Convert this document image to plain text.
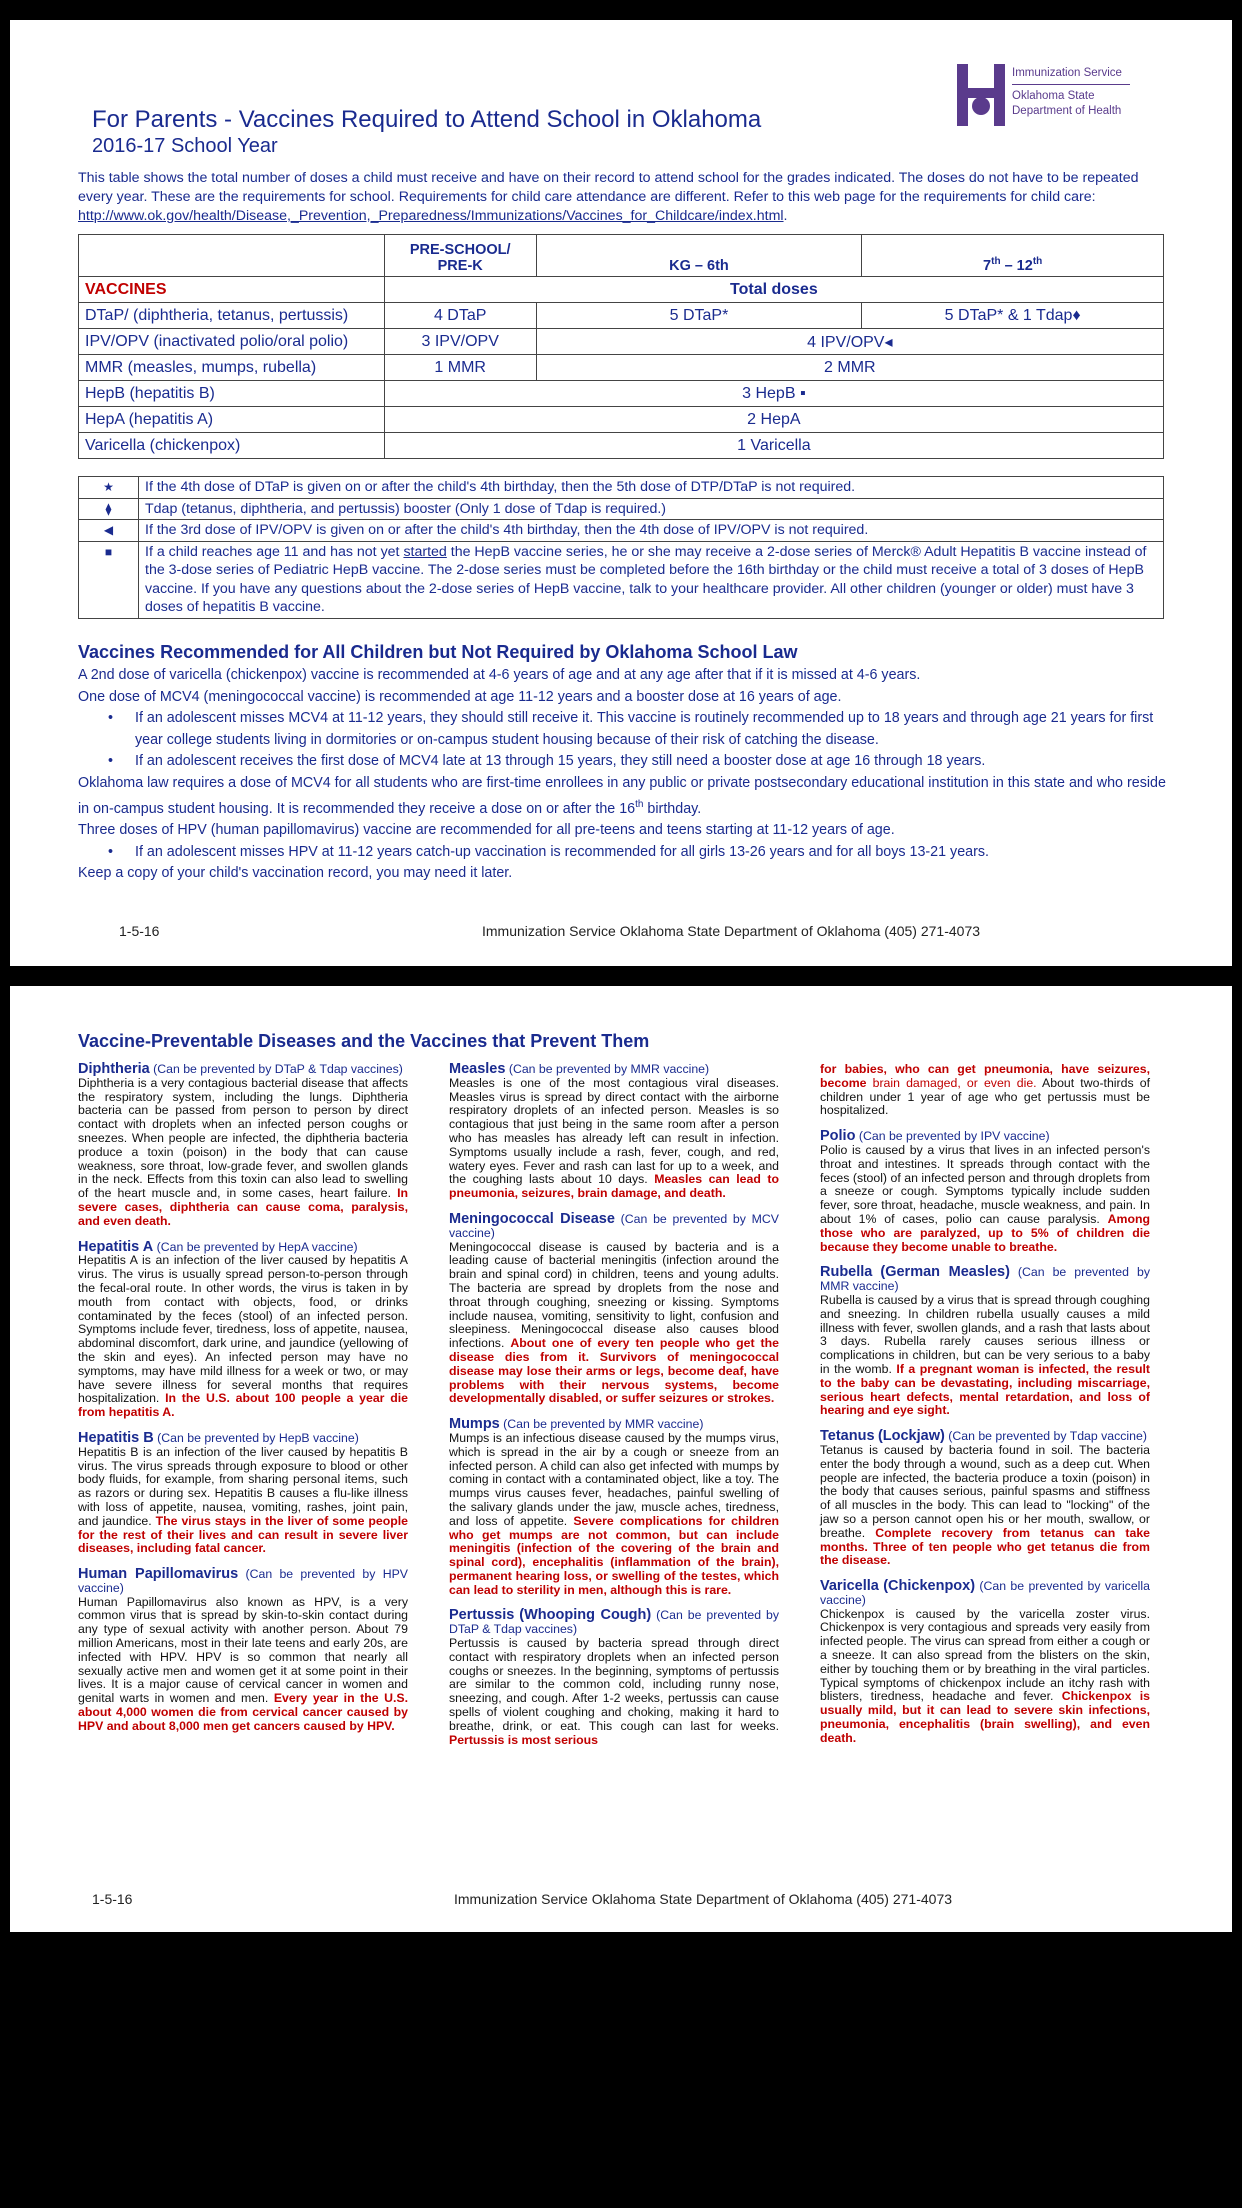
Immunization Service
Oklahoma State
Department of Health
For Parents - Vaccines Required to Attend School in Oklahoma
2016-17 School Year
This table shows the total number of doses a child must receive and have on their record to attend school for the grades indicated. The doses do not have to be repeated every year. These are the requirements for school. Requirements for child care attendance are different. Refer to this web page for the requirements for child care: http://www.ok.gov/health/Disease,_Prevention,_Preparedness/Immunizations/Vaccines_for_Childcare/index.html.

	PRE-SCHOOL/
PRE-K	KG – 6th	7th – 12th
VACCINES	Total doses		
DTaP/ (diphtheria, tetanus, pertussis)	4 DTaP	5 DTaP*	5 DTaP* & 1 Tdap♦
IPV/OPV (inactivated polio/oral polio)	3 IPV/OPV	4 IPV/OPV◂	
MMR (measles, mumps, rubella)	1 MMR	2 MMR	
HepB (hepatitis B)	3 HepB ▪		
HepA (hepatitis A)	2 HepA		
Varicella (chickenpox)	1 Varicella		
★	If the 4th dose of DTaP is given on or after the child's 4th birthday, then the 5th dose of DTP/DTaP is not required.
⧫	Tdap (tetanus, diphtheria, and pertussis) booster (Only 1 dose of Tdap is required.)
◀	If the 3rd dose of IPV/OPV is given on or after the child's 4th birthday, then the 4th dose of IPV/OPV is not required.
■	If a child reaches age 11 and has not yet started the HepB vaccine series, he or she may receive a 2-dose series of Merck® Adult Hepatitis B vaccine instead of the 3-dose series of Pediatric HepB vaccine. The 2-dose series must be completed before the 16th birthday or the child must receive a total of 3 doses of HepB vaccine. If you have any questions about the 2-dose series of HepB vaccine, talk to your healthcare provider. All other children (younger or older) must have 3 doses of hepatitis B vaccine.
Vaccines Recommended for All Children but Not Required by Oklahoma School Law
A 2nd dose of varicella (chickenpox) vaccine is recommended at 4-6 years of age and at any age after that if it is missed at 4-6 years.
One dose of MCV4 (meningococcal vaccine) is recommended at age 11-12 years and a booster dose at 16 years of age.
• If an adolescent misses MCV4 at 11-12 years, they should still receive it. This vaccine is routinely recommended up to 18 years and through age 21 years for first year college students living in dormitories or on-campus student housing because of their risk of catching the disease.
• If an adolescent receives the first dose of MCV4 late at 13 through 15 years, they still need a booster dose at age 16 through 18 years.
Oklahoma law requires a dose of MCV4 for all students who are first-time enrollees in any public or private postsecondary educational institution in this state and who reside in on-campus student housing. It is recommended they receive a dose on or after the 16th birthday.
Three doses of HPV (human papillomavirus) vaccine are recommended for all pre-teens and teens starting at 11-12 years of age.
• If an adolescent misses HPV at 11-12 years catch-up vaccination is recommended for all girls 13-26 years and for all boys 13-21 years.
Keep a copy of your child's vaccination record, you may need it later.
1-5-16	Immunization Service Oklahoma State Department of Oklahoma (405) 271-4073
Vaccine-Preventable Diseases and the Vaccines that Prevent Them
Diphtheria (Can be prevented by DTaP & Tdap vaccines)
Diphtheria is a very contagious bacterial disease that affects the respiratory system, including the lungs. Diphtheria bacteria can be passed from person to person by direct contact with droplets when an infected person coughs or sneezes. When people are infected, the diphtheria bacteria produce a toxin (poison) in the body that can cause weakness, sore throat, low-grade fever, and swollen glands in the neck. Effects from this toxin can also lead to swelling of the heart muscle and, in some cases, heart failure. In severe cases, diphtheria can cause coma, paralysis, and even death.
Hepatitis A (Can be prevented by HepA vaccine)
Hepatitis A is an infection of the liver caused by hepatitis A virus. The virus is usually spread person-to-person through the fecal-oral route. In other words, the virus is taken in by mouth from contact with objects, food, or drinks contaminated by the feces (stool) of an infected person. Symptoms include fever, tiredness, loss of appetite, nausea, abdominal discomfort, dark urine, and jaundice (yellowing of the skin and eyes). An infected person may have no symptoms, may have mild illness for a week or two, or may have severe illness for several months that requires hospitalization. In the U.S. about 100 people a year die from hepatitis A.
Hepatitis B (Can be prevented by HepB vaccine)
Hepatitis B is an infection of the liver caused by hepatitis B virus. The virus spreads through exposure to blood or other body fluids, for example, from sharing personal items, such as razors or during sex. Hepatitis B causes a flu-like illness with loss of appetite, nausea, vomiting, rashes, joint pain, and jaundice. The virus stays in the liver of some people for the rest of their lives and can result in severe liver diseases, including fatal cancer.
Human Papillomavirus (Can be prevented by HPV vaccine)
Human Papillomavirus also known as HPV, is a very common virus that is spread by skin-to-skin contact during any type of sexual activity with another person. About 79 million Americans, most in their late teens and early 20s, are infected with HPV. HPV is so common that nearly all sexually active men and women get it at some point in their lives. It is a major cause of cervical cancer in women and genital warts in women and men. Every year in the U.S. about 4,000 women die from cervical cancer caused by HPV and about 8,000 men get cancers caused by HPV.
Measles (Can be prevented by MMR vaccine)
Measles is one of the most contagious viral diseases. Measles virus is spread by direct contact with the airborne respiratory droplets of an infected person. Measles is so contagious that just being in the same room after a person who has measles has already left can result in infection. Symptoms usually include a rash, fever, cough, and red, watery eyes. Fever and rash can last for up to a week, and the coughing lasts about 10 days. Measles can lead to pneumonia, seizures, brain damage, and death.
Meningococcal Disease (Can be prevented by MCV vaccine)
Meningococcal disease is caused by bacteria and is a leading cause of bacterial meningitis (infection around the brain and spinal cord) in children, teens and young adults. The bacteria are spread by droplets from the nose and throat through coughing, sneezing or kissing. Symptoms include nausea, vomiting, sensitivity to light, confusion and sleepiness. Meningococcal disease also causes blood infections. About one of every ten people who get the disease dies from it. Survivors of meningococcal disease may lose their arms or legs, become deaf, have problems with their nervous systems, become developmentally disabled, or suffer seizures or strokes.
Mumps (Can be prevented by MMR vaccine)
Mumps is an infectious disease caused by the mumps virus, which is spread in the air by a cough or sneeze from an infected person. A child can also get infected with mumps by coming in contact with a contaminated object, like a toy. The mumps virus causes fever, headaches, painful swelling of the salivary glands under the jaw, muscle aches, tiredness, and loss of appetite. Severe complications for children who get mumps are not common, but can include meningitis (infection of the covering of the brain and spinal cord), encephalitis (inflammation of the brain), permanent hearing loss, or swelling of the testes, which can lead to sterility in men, although this is rare.
Pertussis (Whooping Cough) (Can be prevented by DTaP & Tdap vaccines)
Pertussis is caused by bacteria spread through direct contact with respiratory droplets when an infected person coughs or sneezes. In the beginning, symptoms of pertussis are similar to the common cold, including runny nose, sneezing, and cough. After 1-2 weeks, pertussis can cause spells of violent coughing and choking, making it hard to breathe, drink, or eat. This cough can last for weeks. Pertussis is most serious
for babies, who can get pneumonia, have seizures, become brain damaged, or even die. About two-thirds of children under 1 year of age who get pertussis must be hospitalized.
Polio (Can be prevented by IPV vaccine)
Polio is caused by a virus that lives in an infected person's throat and intestines. It spreads through contact with the feces (stool) of an infected person and through droplets from a sneeze or cough. Symptoms typically include sudden fever, sore throat, headache, muscle weakness, and pain. In about 1% of cases, polio can cause paralysis. Among those who are paralyzed, up to 5% of children die because they become unable to breathe.
Rubella (German Measles) (Can be prevented by MMR vaccine)
Rubella is caused by a virus that is spread through coughing and sneezing. In children rubella usually causes a mild illness with fever, swollen glands, and a rash that lasts about 3 days. Rubella rarely causes serious illness or complications in children, but can be very serious to a baby in the womb. If a pregnant woman is infected, the result to the baby can be devastating, including miscarriage, serious heart defects, mental retardation, and loss of hearing and eye sight.
Tetanus (Lockjaw) (Can be prevented by Tdap vaccine)
Tetanus is caused by bacteria found in soil. The bacteria enter the body through a wound, such as a deep cut. When people are infected, the bacteria produce a toxin (poison) in the body that causes serious, painful spasms and stiffness of all muscles in the body. This can lead to "locking" of the jaw so a person cannot open his or her mouth, swallow, or breathe. Complete recovery from tetanus can take months. Three of ten people who get tetanus die from the disease.
Varicella (Chickenpox) (Can be prevented by varicella vaccine)
Chickenpox is caused by the varicella zoster virus. Chickenpox is very contagious and spreads very easily from infected people. The virus can spread from either a cough or a sneeze. It can also spread from the blisters on the skin, either by touching them or by breathing in the viral particles. Typical symptoms of chickenpox include an itchy rash with blisters, tiredness, headache and fever. Chickenpox is usually mild, but it can lead to severe skin infections, pneumonia, encephalitis (brain swelling), and even death.
1-5-16	Immunization Service Oklahoma State Department of Oklahoma (405) 271-4073
